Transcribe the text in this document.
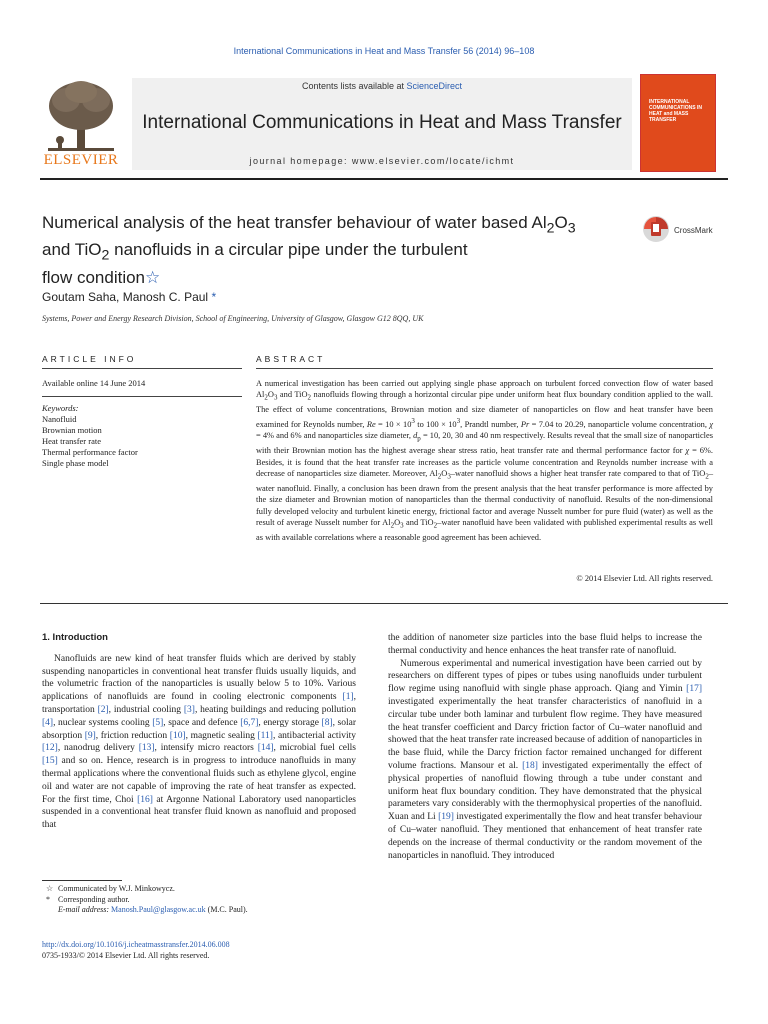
International Communications in Heat and Mass Transfer 56 (2014) 96–108
ELSEVIER
Contents lists available at ScienceDirect
International Communications in Heat and Mass Transfer
journal homepage: www.elsevier.com/locate/ichmt
INTERNATIONAL COMMUNICATIONS IN HEAT and MASS TRANSFER
Numerical analysis of the heat transfer behaviour of water based $Al_2O_3$
and TiO$_2$ nanofluids in a circular pipe under the turbulent
flow condition☆
CrossMark
Goutam Saha, Manosh C. Paul *
Systems, Power and Energy Research Division, School of Engineering, University of Glasgow, Glasgow G12 8QQ, UK
ARTICLE INFO
Available online 14 June 2014
Keywords:
Nanofluid
Brownian motion
Heat transfer rate
Thermal performance factor
Single phase model
ABSTRACT
A numerical investigation has been carried out applying single phase approach on turbulent forced convection flow of water based $Al_2O_3$ and TiO$_2$ nanofluids flowing through a horizontal circular pipe under uniform heat flux boundary condition applied to the wall. The effect of volume concentrations, Brownian motion and size diameter of nanoparticles on flow and heat transfer have been examined for Reynolds number, $Re = 10 \times 10^3$ to $100 \times 10^3$, Prandtl number, Pr = 7.04 to 20.29, nanoparticle volume concentration, χ = 4% and 6% and nanoparticles size diameter, $d_p = 10$, 20, 30 and 40 nm respectively. Results reveal that the small size of nanoparticles with their Brownian motion has the highest average shear stress ratio, heat transfer rate and thermal performance factor for χ = 6%. Besides, it is found that the heat transfer rate increases as the particle volume concentration and Reynolds number increase with a decrease of nanoparticles size diameter. Moreover, $Al_2O_3$–water nanofluid shows a higher heat transfer rate compared to that of TiO$_2$–water nanofluid. Finally, a conclusion has been drawn from the present analysis that the heat transfer performance is more affected by the size diameter and Brownian motion of nanoparticles than the thermal conductivity of nanofluid. Results of the non-dimensional fully developed velocity and turbulent kinetic energy, frictional factor and average Nusselt number for pure fluid (water) as well as the result of average Nusselt number for $Al_2O_3$ and TiO$_2$–water nanofluid have been validated with published experimental results as well as with available correlations where a reasonable good agreement has been achieved.
© 2014 Elsevier Ltd. All rights reserved.
1. Introduction

Nanofluids are new kind of heat transfer fluids which are derived by stably suspending nanoparticles in conventional heat transfer fluids usually liquids, and the volumetric fraction of the nanoparticles is usually below 5 to 10%. Various applications of nanofluids are found in cooling electronic components [1], transportation [2], industrial cooling [3], heating buildings and reducing pollution [4], nuclear systems cooling [5], space and defence [6,7], energy storage [8], solar absorption [9], friction reduction [10], magnetic sealing [11], antibacterial activity [12], nanodrug delivery [13], intensify micro reactors [14], microbial fuel cells [15] and so on. Hence, research is in progress to introduce nanofluids in many thermal applications where the conventional fluids such as ethylene glycol, engine oil and water are not capable of improving the rate of heat transfer as expected. For the first time, Choi [16] at Argonne National Laboratory used nanoparticles suspended in a conventional heat transfer fluid known as nanofluid and proposed that

the addition of nanometer size particles into the base fluid helps to increase the thermal conductivity and hence enhances the heat transfer rate of nanofluid.

Numerous experimental and numerical investigation have been carried out by researchers on different types of pipes or tubes using nanofluids under turbulent flow regime using nanofluid with single phase approach. Qiang and Yimin [17] investigated experimentally the heat transfer characteristics of nanofluid in a circular tube under both laminar and turbulent flow regime. They have measured the heat transfer coefficient and Darcy friction factor of Cu–water nanofluid and showed that the heat transfer rate increased because of addition of nanoparticles in the base fluid, while the Darcy friction factor remained unchanged for different volume fractions. Mansour et al. [18] investigated experimentally the effect of physical properties of nanofluid flowing through a tube under constant and uniform heat flux boundary condition. They have demonstrated that the physical parameters vary considerably with the thermophysical properties of the nanofluid. Xuan and Li [19] investigated experimentally the flow and heat transfer behaviour of Cu–water nanofluid. They mentioned that enhancement of heat transfer rate depends on the increase of thermal conductivity or the random movement of the nanoparticles in nanofluid. They introduced

☆ Communicated by W.J. Minkowycz.
* Corresponding author.
E-mail address: Manosh.Paul@glasgow.ac.uk (M.C. Paul).
http://dx.doi.org/10.1016/j.icheatmasstransfer.2014.06.008
0735-1933/© 2014 Elsevier Ltd. All rights reserved.
